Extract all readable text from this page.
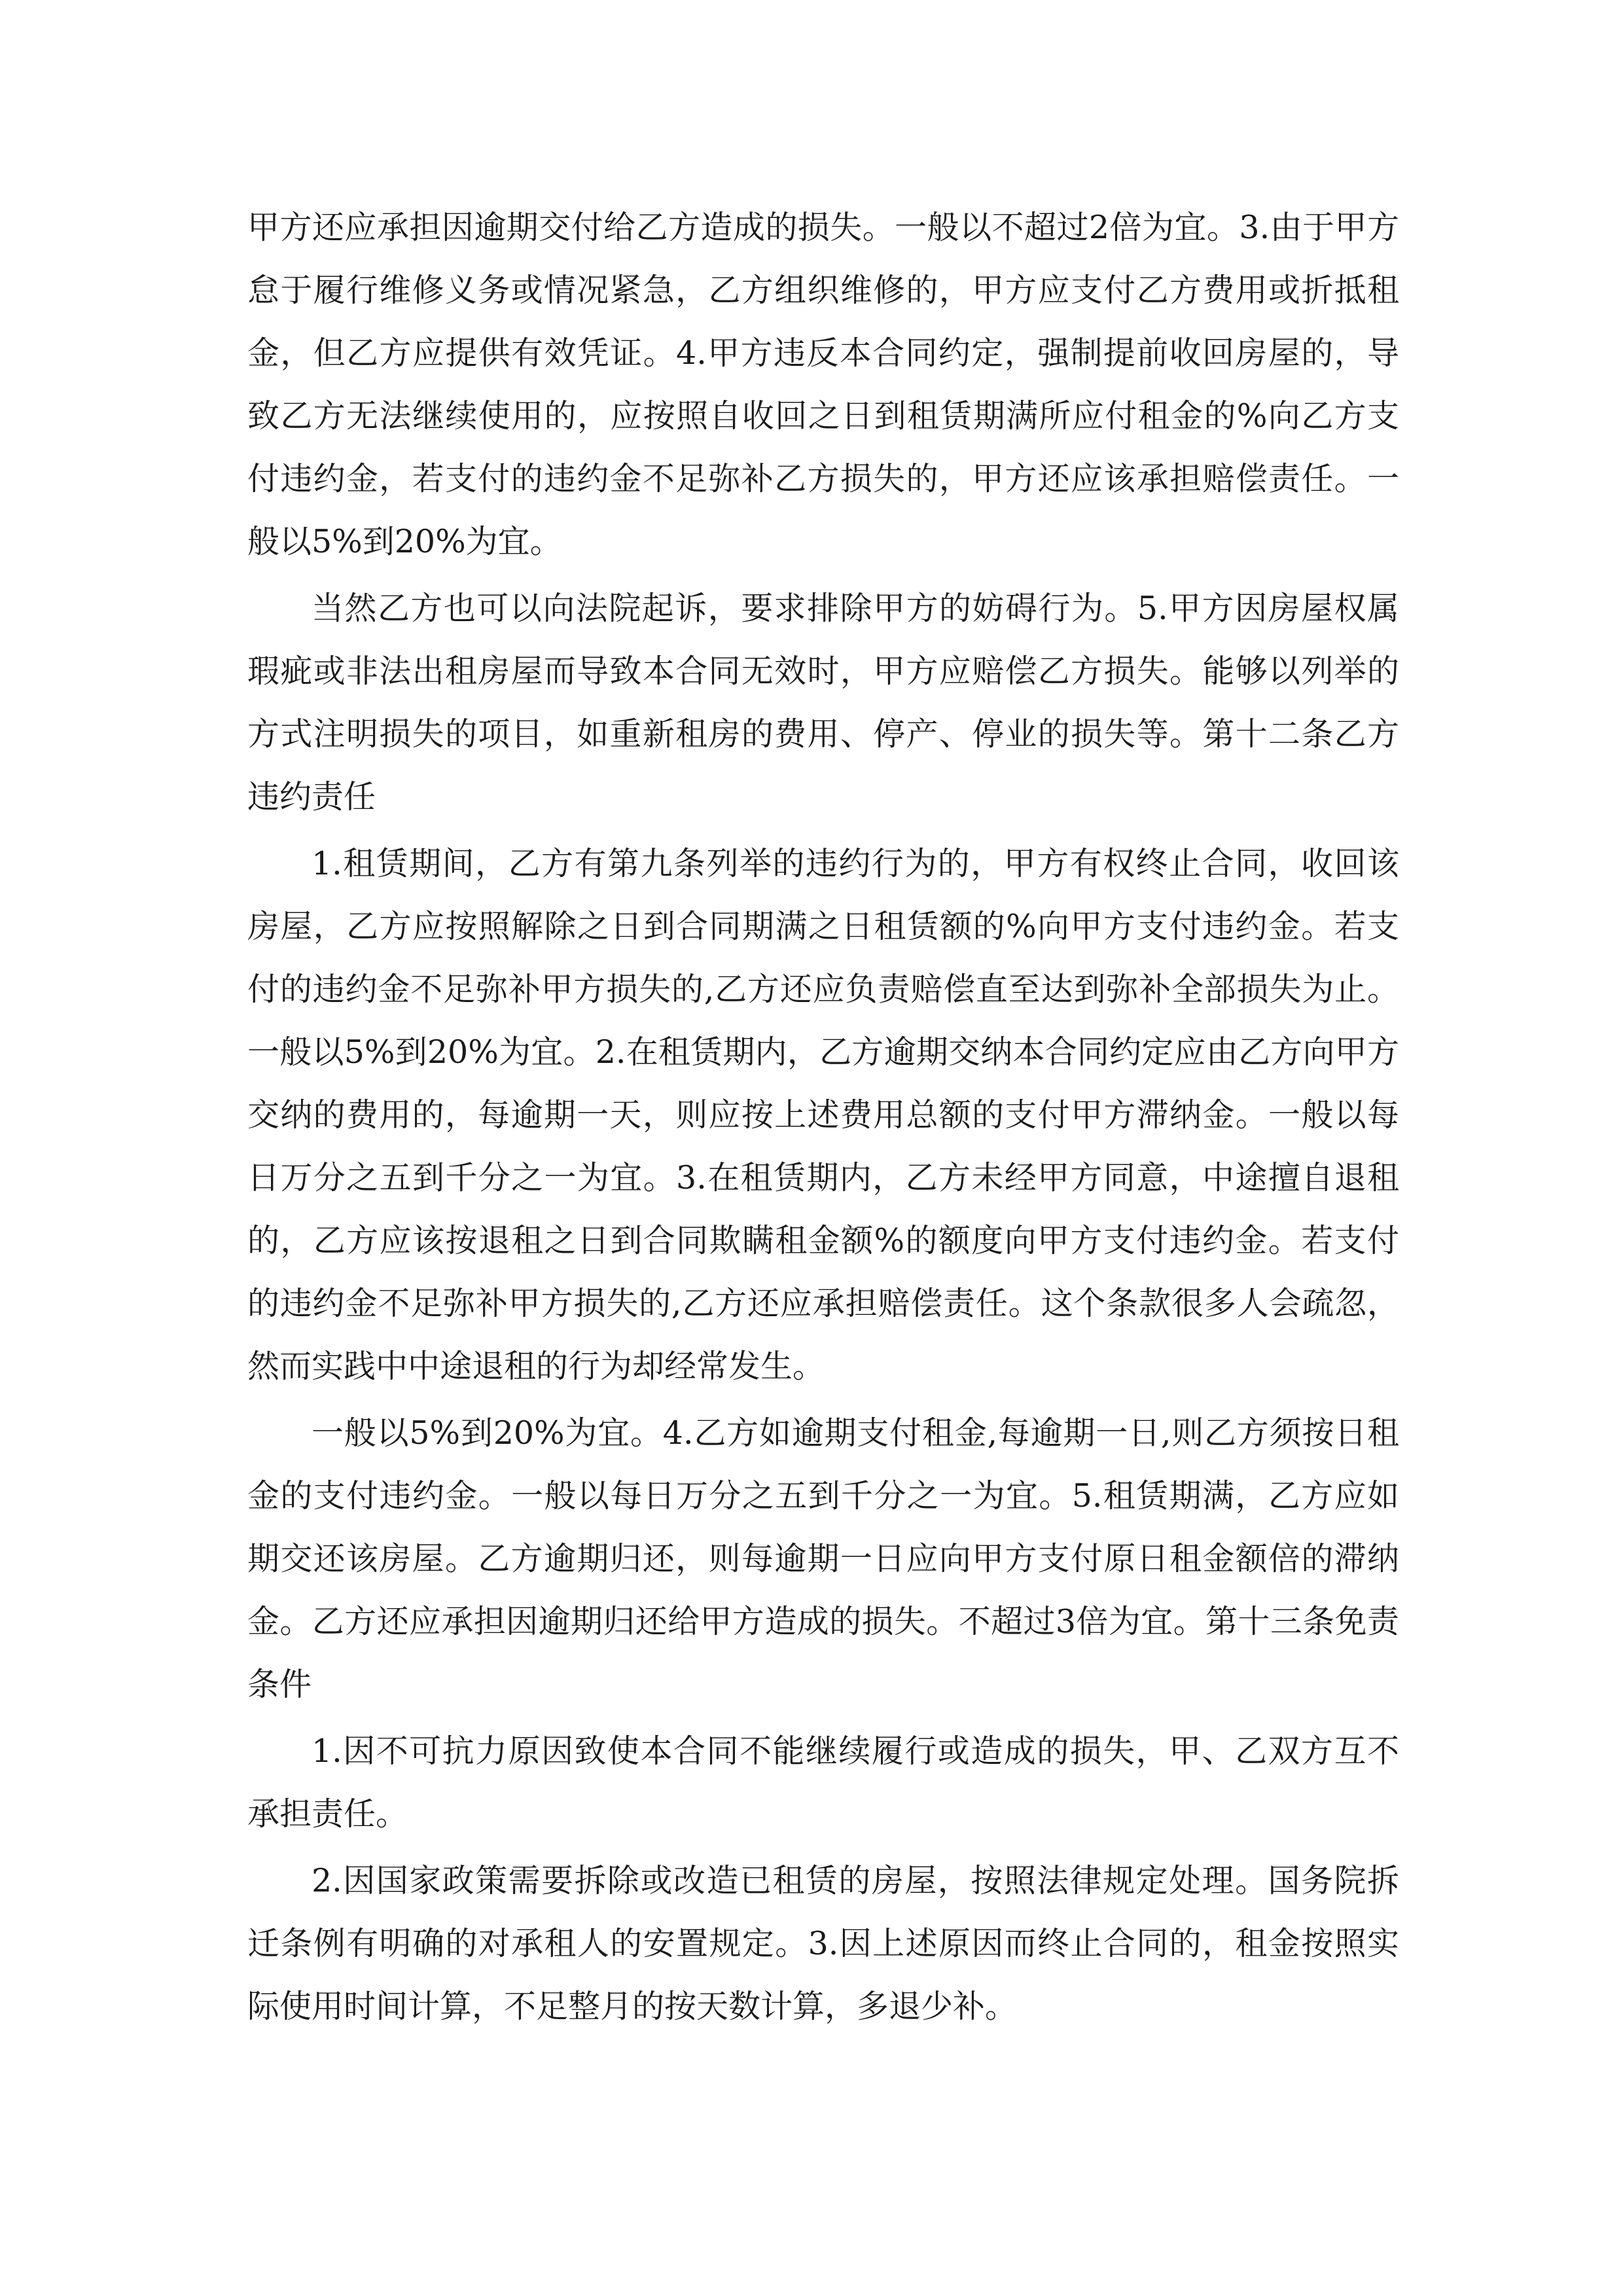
甲方还应承担因逾期交付给乙方造成的损失。一般以不超过2倍为宜。3.由于甲方怠于履行维修义务或情况紧急，乙方组织维修的，甲方应支付乙方费用或折抵租金，但乙方应提供有效凭证。4.甲方违反本合同约定，强制提前收回房屋的，导致乙方无法继续使用的，应按照自收回之日到租赁期满所应付租金的%向乙方支付违约金，若支付的违约金不足弥补乙方损失的，甲方还应该承担赔偿责任。一般以5%到20%为宜。

当然乙方也可以向法院起诉，要求排除甲方的妨碍行为。5.甲方因房屋权属瑕疵或非法出租房屋而导致本合同无效时，甲方应赔偿乙方损失。能够以列举的方式注明损失的项目，如重新租房的费用、停产、停业的损失等。第十二条乙方违约责任

1.租赁期间，乙方有第九条列举的违约行为的，甲方有权终止合同，收回该房屋，乙方应按照解除之日到合同期满之日租赁额的%向甲方支付违约金。若支付的违约金不足弥补甲方损失的,乙方还应负责赔偿直至达到弥补全部损失为止。一般以5%到20%为宜。2.在租赁期内，乙方逾期交纳本合同约定应由乙方向甲方交纳的费用的，每逾期一天，则应按上述费用总额的支付甲方滞纳金。一般以每日万分之五到千分之一为宜。3.在租赁期内，乙方未经甲方同意，中途擅自退租的，乙方应该按退租之日到合同欺瞒租金额%的额度向甲方支付违约金。若支付的违约金不足弥补甲方损失的,乙方还应承担赔偿责任。这个条款很多人会疏忽，然而实践中中途退租的行为却经常发生。

一般以5%到20%为宜。4.乙方如逾期支付租金,每逾期一日,则乙方须按日租金的支付违约金。一般以每日万分之五到千分之一为宜。5.租赁期满，乙方应如期交还该房屋。乙方逾期归还，则每逾期一日应向甲方支付原日租金额倍的滞纳金。乙方还应承担因逾期归还给甲方造成的损失。不超过3倍为宜。第十三条免责条件

1.因不可抗力原因致使本合同不能继续履行或造成的损失，甲、乙双方互不承担责任。

2.因国家政策需要拆除或改造已租赁的房屋，按照法律规定处理。国务院拆迁条例有明确的对承租人的安置规定。3.因上述原因而终止合同的，租金按照实际使用时间计算，不足整月的按天数计算，多退少补。
